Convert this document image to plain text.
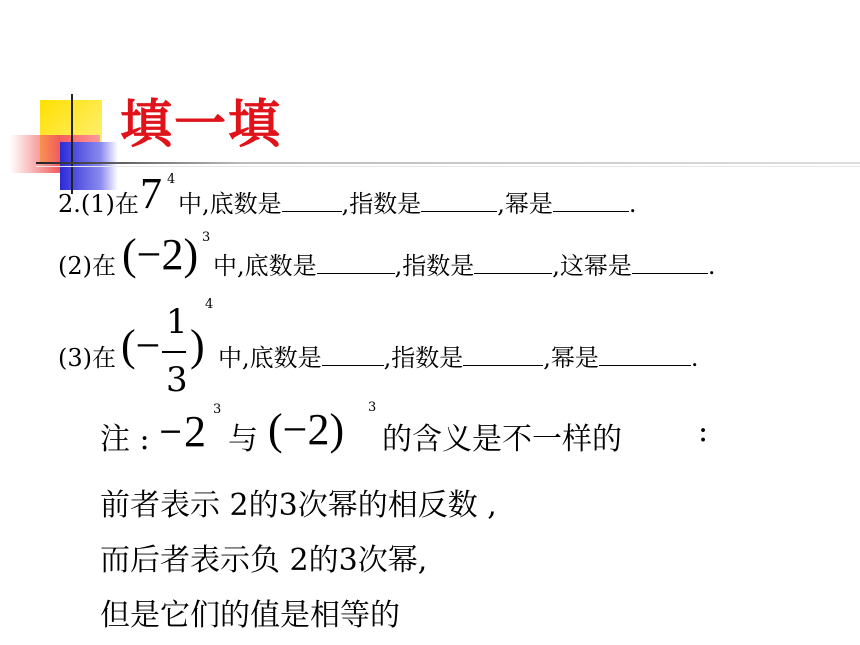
填一填
2.(1)在 7 4
中,底数是	,指数是	,幂是	.
(2)在 (−2) 3
中,底数是	,指数是	,这幂是	.
(3)在 (− 1
3
)
4
中,底数是	,指数是	,幂是	.
注 : − 2 3
与 (−2) 3
的含义是不一样的	:
前者表示 2的3次幂的相反数 ,
而后者表示负 2的3次幂,
但是它们的值是相等的
